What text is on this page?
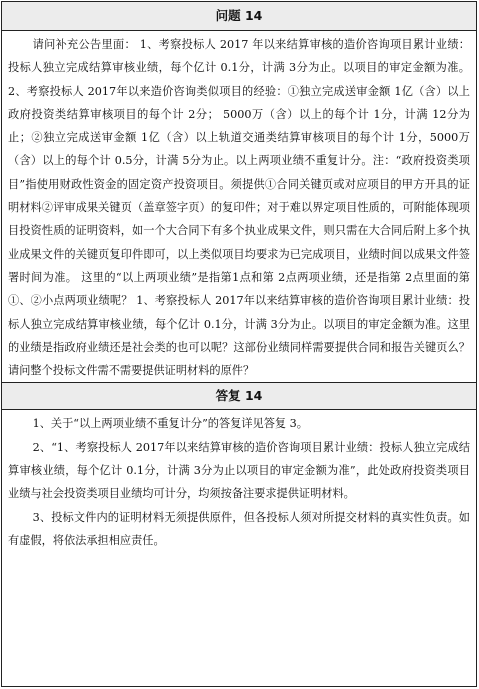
问题 14

请问补充公告里面： 1、考察投标人 2017 年以来结算审核的造价咨询项目累计业绩：投标人独立完成结算审核业绩，每个亿计 0.1分，计满 3分为止。以项目的审定金额为准。 2、考察投标人 2017年以来造价咨询类似项目的经验：①独立完成送审金额 1亿（含）以上政府投资类结算审核项目的每个计 2分； 5000万（含）以上的每个计 1分，计满 12分为止；②独立完成送审金额 1亿（含）以上轨道交通类结算审核项目的每个计 1分，5000万（含）以上的每个计 0.5分，计满 5分为止。以上两项业绩不重复计分。注：“政府投资类项目”指使用财政性资金的固定资产投资项目。须提供①合同关键页或对应项目的甲方开具的证明材料②评审成果关键页（盖章签字页）的复印件；对于难以界定项目性质的，可附能体现项目投资性质的证明资料，如一个大合同下有多个执业成果文件，则只需在大合同后附上多个执业成果文件的关键页复印件即可，以上类似项目均要求为已完成项目，业绩时间以成果文件签署时间为准。 这里的“以上两项业绩”是指第1点和第 2点两项业绩，还是指第 2点里面的第①、②小点两项业绩呢？ 1、考察投标人 2017年以来结算审核的造价咨询项目累计业绩：投标人独立完成结算审核业绩，每个亿计 0.1分，计满 3分为止。以项目的审定金额为准。这里的业绩是指政府业绩还是社会类的也可以呢？这部份业绩同样需要提供合同和报告关键页么？请问整个投标文件需不需要提供证明材料的原件？

答复 14

1、关于“以上两项业绩不重复计分”的答复详见答复 3。

2、“1、考察投标人 2017年以来结算审核的造价咨询项目累计业绩：投标人独立完成结算审核业绩，每个亿计 0.1分，计满 3分为止以项目的审定金额为准”，此处政府投资类项目业绩与社会投资类项目业绩均可计分，均须按备注要求提供证明材料。

3、投标文件内的证明材料无须提供原件，但各投标人须对所提交材料的真实性负责。如有虚假，将依法承担相应责任。
